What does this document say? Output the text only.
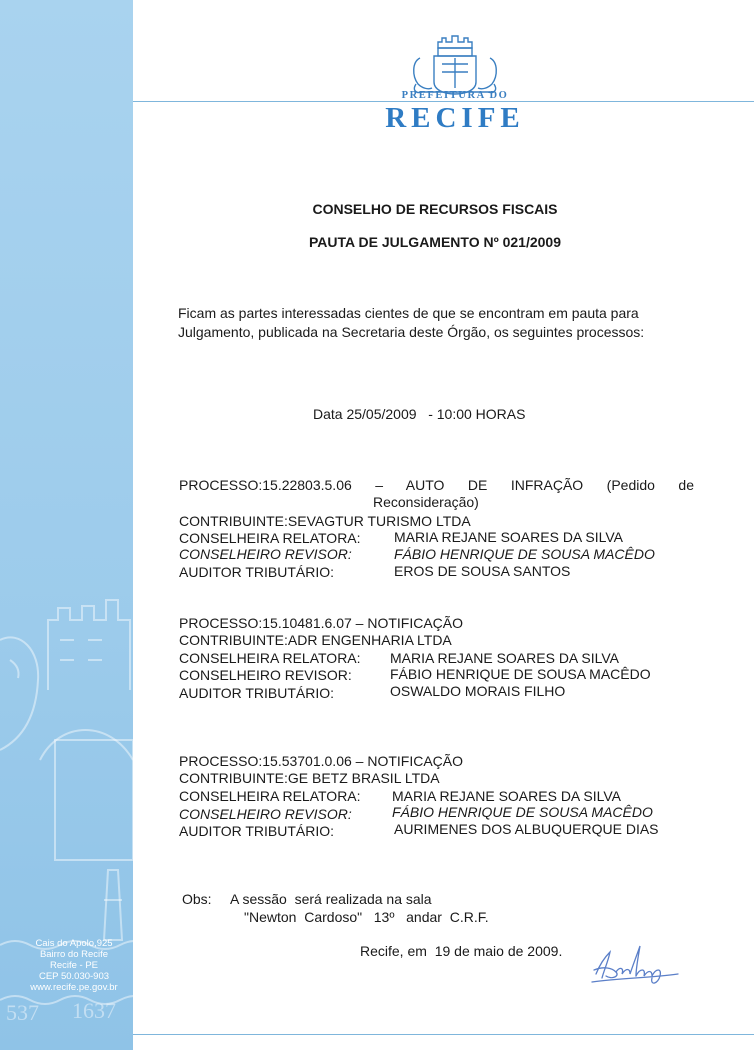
537 1637
Cais do Apolo,925
Bairro do Recife
Recife - PE
CEP 50.030-903
www.recife.pe.gov.br
PREFEITURA DO
RECIFE
CONSELHO DE RECURSOS FISCAIS
PAUTA DE JULGAMENTO Nº 021/2009
Ficam as partes interessadas cientes de que se encontram em pauta para Julgamento, publicada na Secretaria deste Órgão, os seguintes processos:
Data 25/05/2009   - 10:00 HORAS
PROCESSO:15.22803.5.06 – AUTO DE INFRAÇÃO (Pedido de
Reconsideração)
CONTRIBUINTE:SEVAGTUR TURISMO LTDA
CONSELHEIRA RELATORA: MARIA REJANE SOARES DA SILVA
CONSELHEIRO REVISOR:	FÁBIO HENRIQUE DE SOUSA MACÊDO
AUDITOR TRIBUTÁRIO:	EROS DE SOUSA SANTOS
PROCESSO:15.10481.6.07 – NOTIFICAÇÃO
CONTRIBUINTE:ADR ENGENHARIA LTDA
CONSELHEIRA RELATORA: MARIA REJANE SOARES DA SILVA
CONSELHEIRO REVISOR:	FÁBIO HENRIQUE DE SOUSA MACÊDO
AUDITOR TRIBUTÁRIO:	OSWALDO MORAIS FILHO
PROCESSO:15.53701.0.06 – NOTIFICAÇÃO
CONTRIBUINTE:GE BETZ BRASIL LTDA
CONSELHEIRA RELATORA: MARIA REJANE SOARES DA SILVA
CONSELHEIRO REVISOR:	FÁBIO HENRIQUE DE SOUSA MACÊDO
AUDITOR TRIBUTÁRIO:	AURIMENES DOS ALBUQUERQUE DIAS
Obs: A sessão  será realizada na sala
"Newton  Cardoso"   13º   andar  C.R.F.
Recife, em  19 de maio de 2009.
